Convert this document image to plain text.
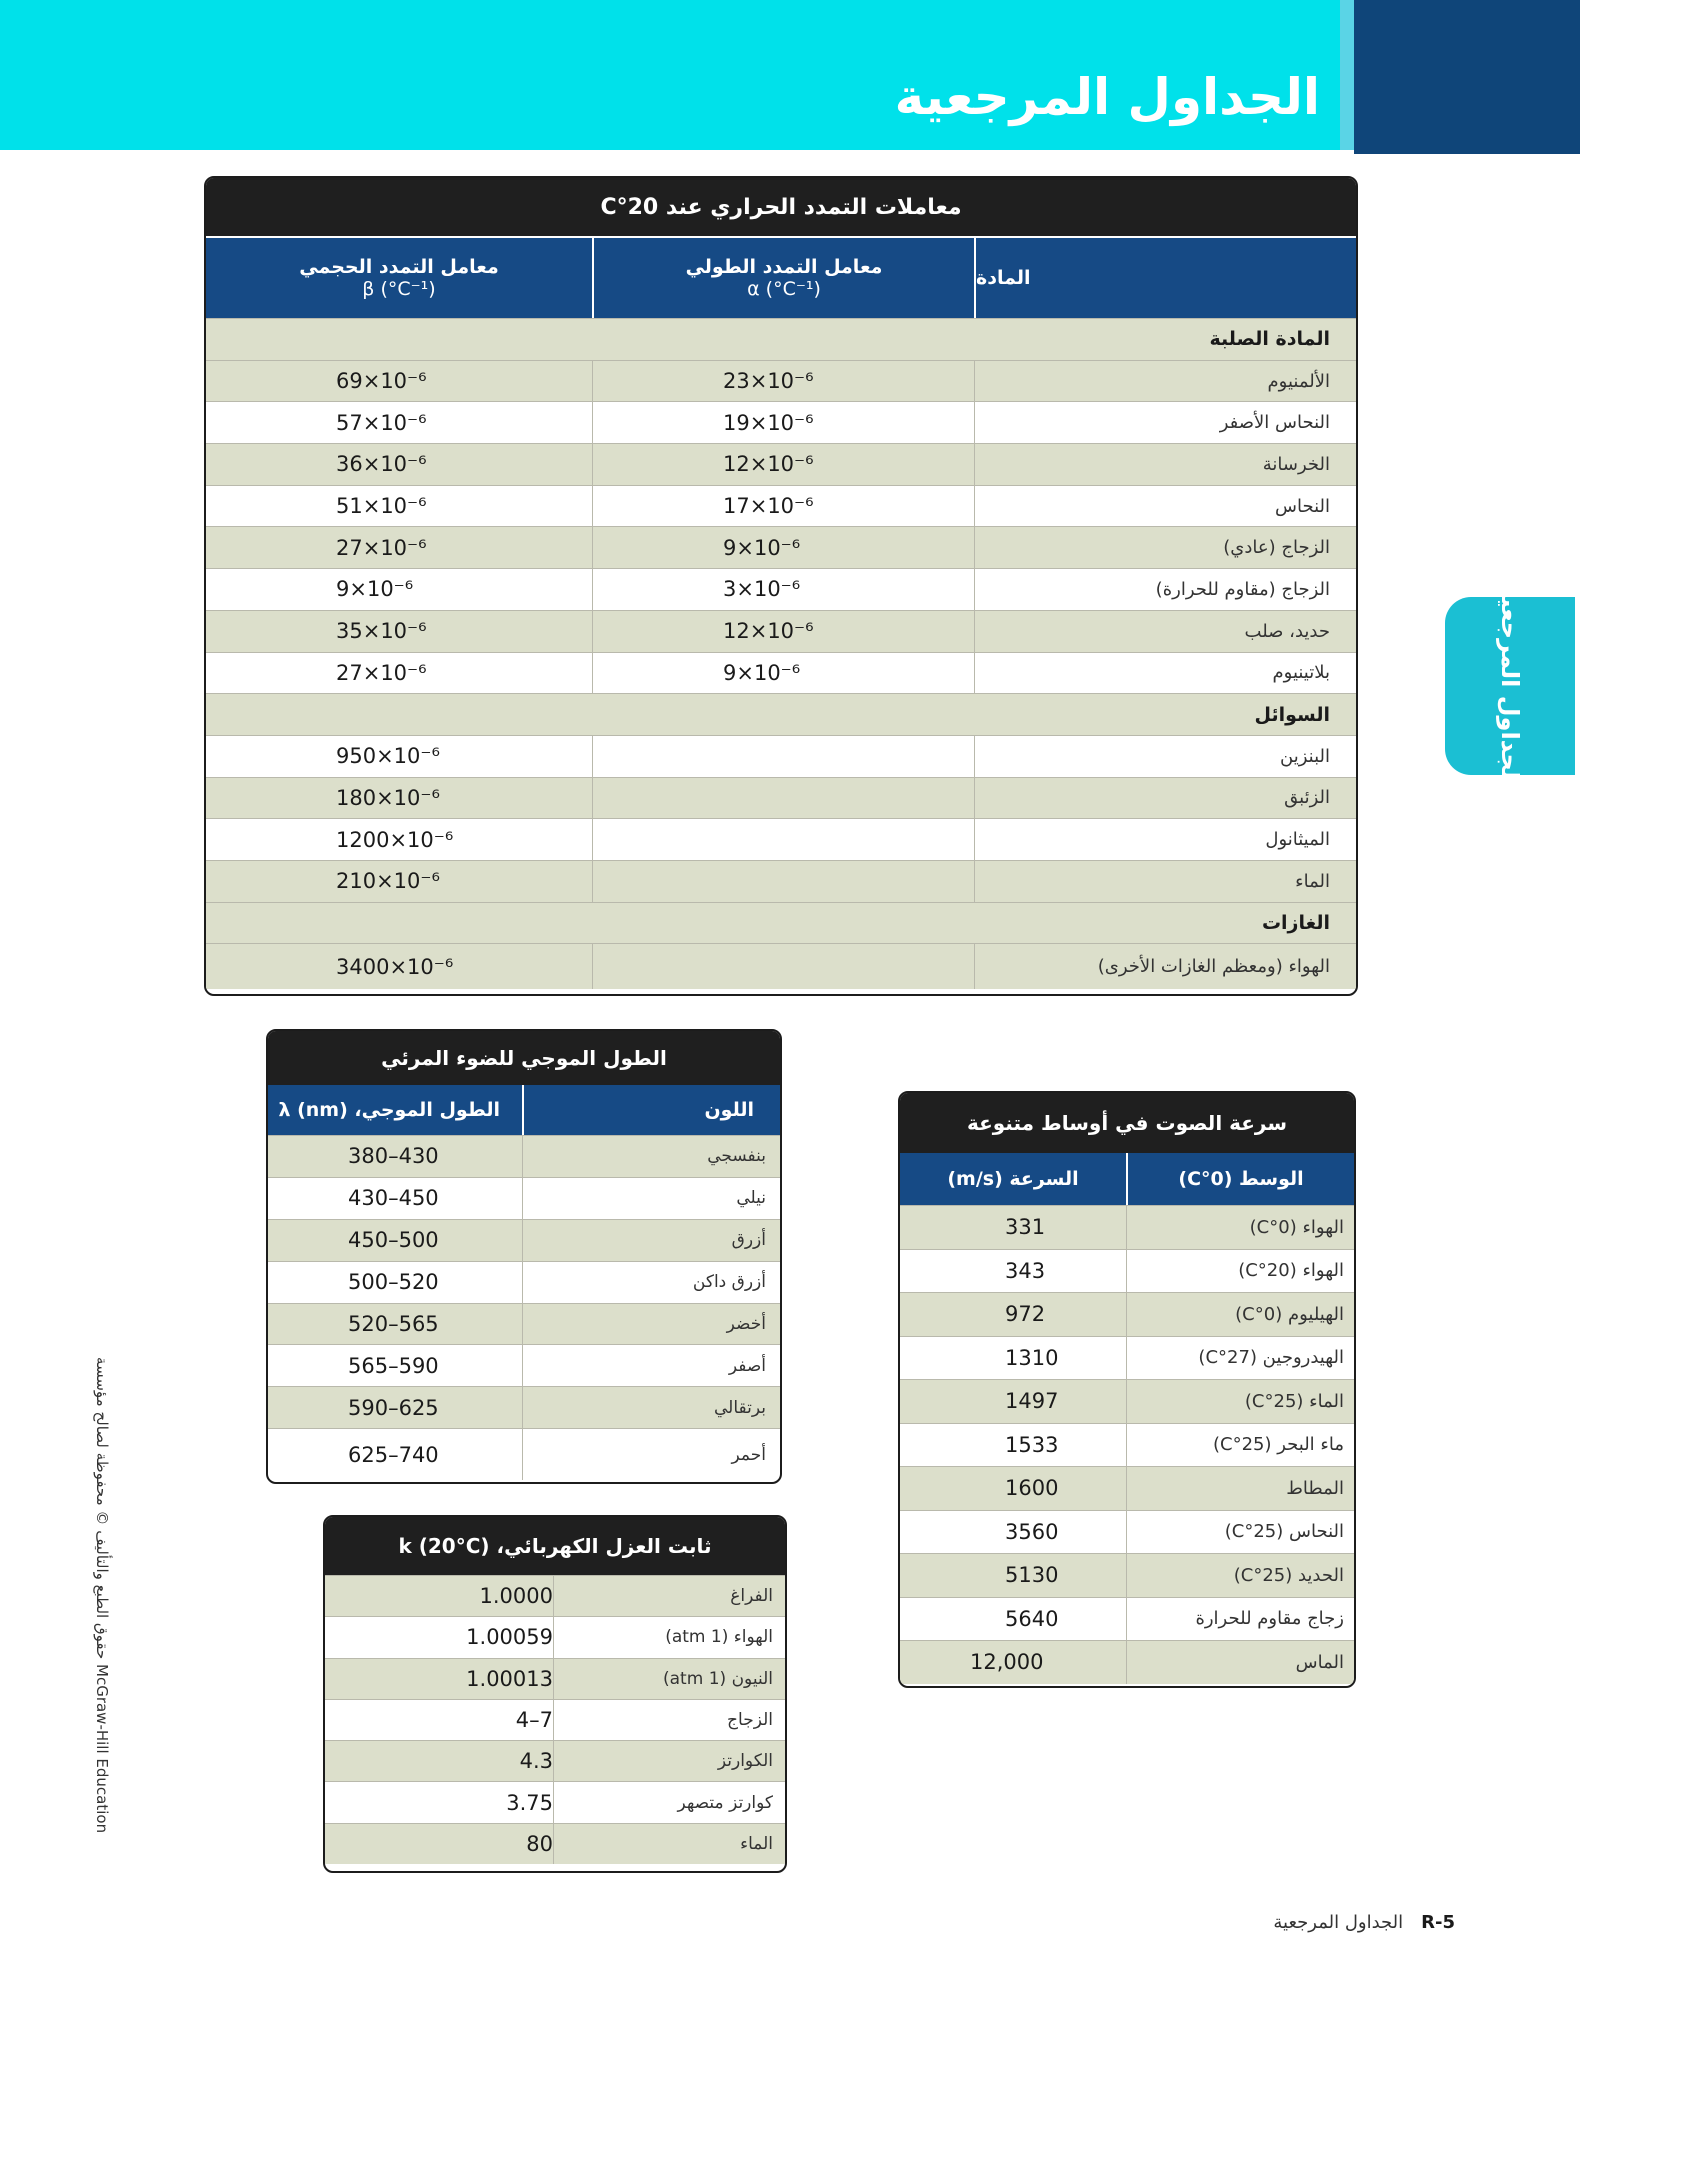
الجداول المرجعية
الجداول المرجعية
معاملات التمدد الحراري عند 20°C
المادة
معامل التمدد الطولي
α (°C⁻¹)
معامل التمدد الحجمي
β (°C⁻¹)
المادة الصلبة
الألمنيوم
23×10⁻⁶
69×10⁻⁶
النحاس الأصفر
19×10⁻⁶
57×10⁻⁶
الخرسانة
12×10⁻⁶
36×10⁻⁶
النحاس
17×10⁻⁶
51×10⁻⁶
الزجاج (عادي)
9×10⁻⁶
27×10⁻⁶
الزجاج (مقاوم للحرارة)
3×10⁻⁶
9×10⁻⁶
حديد، صلب
12×10⁻⁶
35×10⁻⁶
بلاتينيوم
9×10⁻⁶
27×10⁻⁶
السوائل
البنزين
950×10⁻⁶
الزئبق
180×10⁻⁶
الميثانول
1200×10⁻⁶
الماء
210×10⁻⁶
الغازات
الهواء (ومعظم الغازات الأخرى)
3400×10⁻⁶
الطول الموجي للضوء المرئي
اللون
الطول الموجي، λ (nm)
بنفسجي
380–430
نيلي
430–450
أزرق
450–500
أزرق داكن
500–520
أخضر
520–565
أصفر
565–590
برتقالي
590–625
أحمر
625–740
سرعة الصوت في أوساط متنوعة
الوسط (0°C)
السرعة (m/s)
الهواء (0°C)
331
الهواء (20°C)
343
الهيليوم (0°C)
972
الهيدروجين (27°C)
1310
الماء (25°C)
1497
ماء البحر (25°C)
1533
المطاط
1600
النحاس (25°C)
3560
الحديد (25°C)
5130
زجاج مقاوم للحرارة
5640
الماس
12,000
ثابت العزل الكهربائي، k (20°C)
الفراغ
1.0000
الهواء (1 atm)
1.00059
النيون (1 atm)
1.00013
الزجاج
4–7
الكوارتز
4.3
كوارتز متصهر
3.75
الماء
80
حقوق الطبع والتأليف © محفوظة لصالح مؤسسة McGraw-Hill Education
R-5
الجداول المرجعية
